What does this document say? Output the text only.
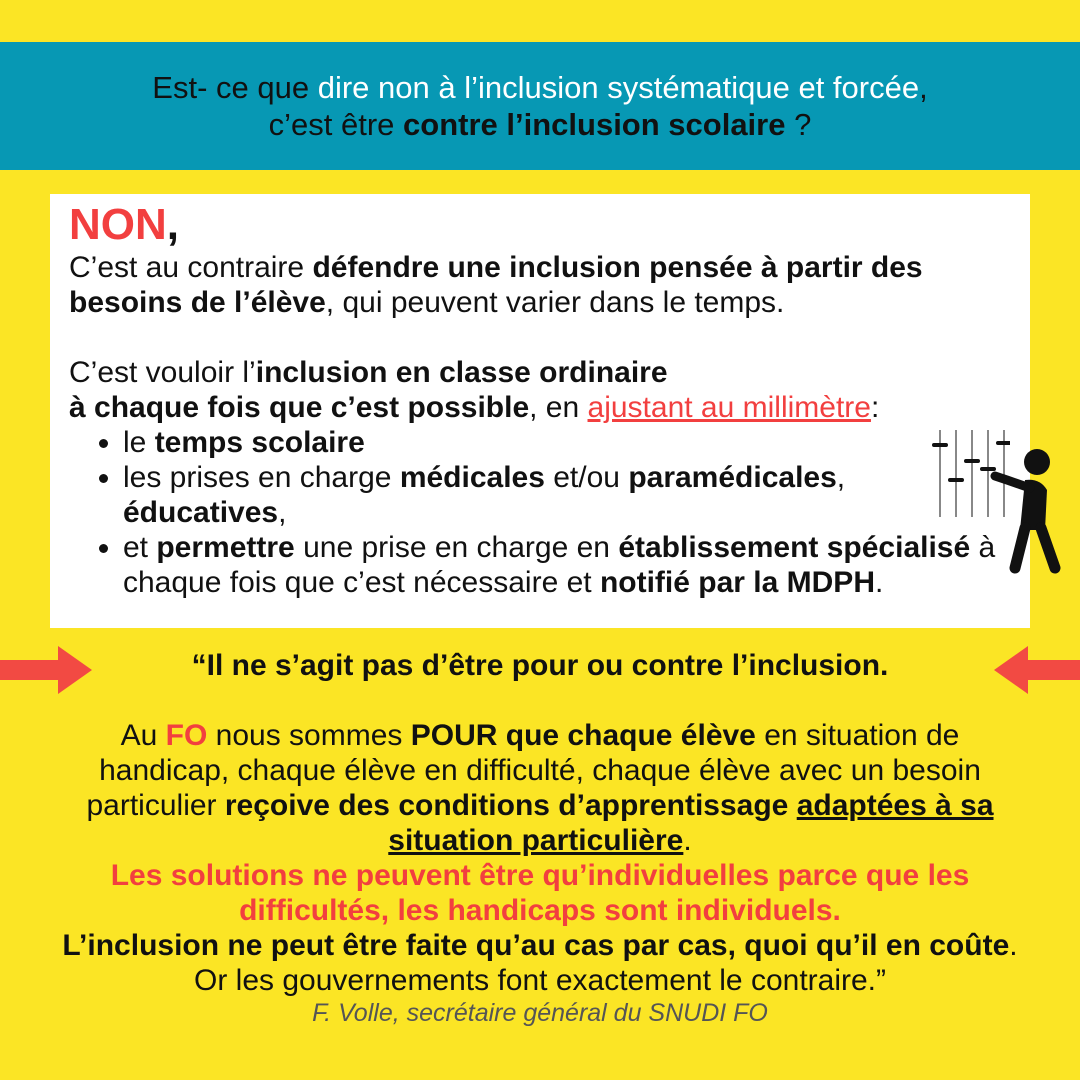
Est- ce que dire non à l’inclusion systématique et forcée,
c’est être contre l’inclusion scolaire ?
NON,

C’est au contraire défendre une inclusion pensée à partir des besoins de l’élève, qui peuvent varier dans le temps.

C’est vouloir l’inclusion en classe ordinaire
à chaque fois que c’est possible, en ajustant au millimètre:

• le temps scolaire
• les prises en charge médicales et/ou paramédicales, éducatives,
• et permettre une prise en charge en établissement spécialisé à chaque fois que c’est nécessaire et notifié par la MDPH.

“Il ne s’agit pas d’être pour ou contre l’inclusion.

Au FO nous sommes POUR que chaque élève en situation de handicap, chaque élève en difficulté, chaque élève avec un besoin particulier reçoive des conditions d’apprentissage adaptées à sa situation particulière.

Les solutions ne peuvent être qu’individuelles parce que les difficultés, les handicaps sont individuels.

L’inclusion ne peut être faite qu’au cas par cas, quoi qu’il en coûte. Or les gouvernements font exactement le contraire.”

F. Volle, secrétaire général du SNUDI FO
